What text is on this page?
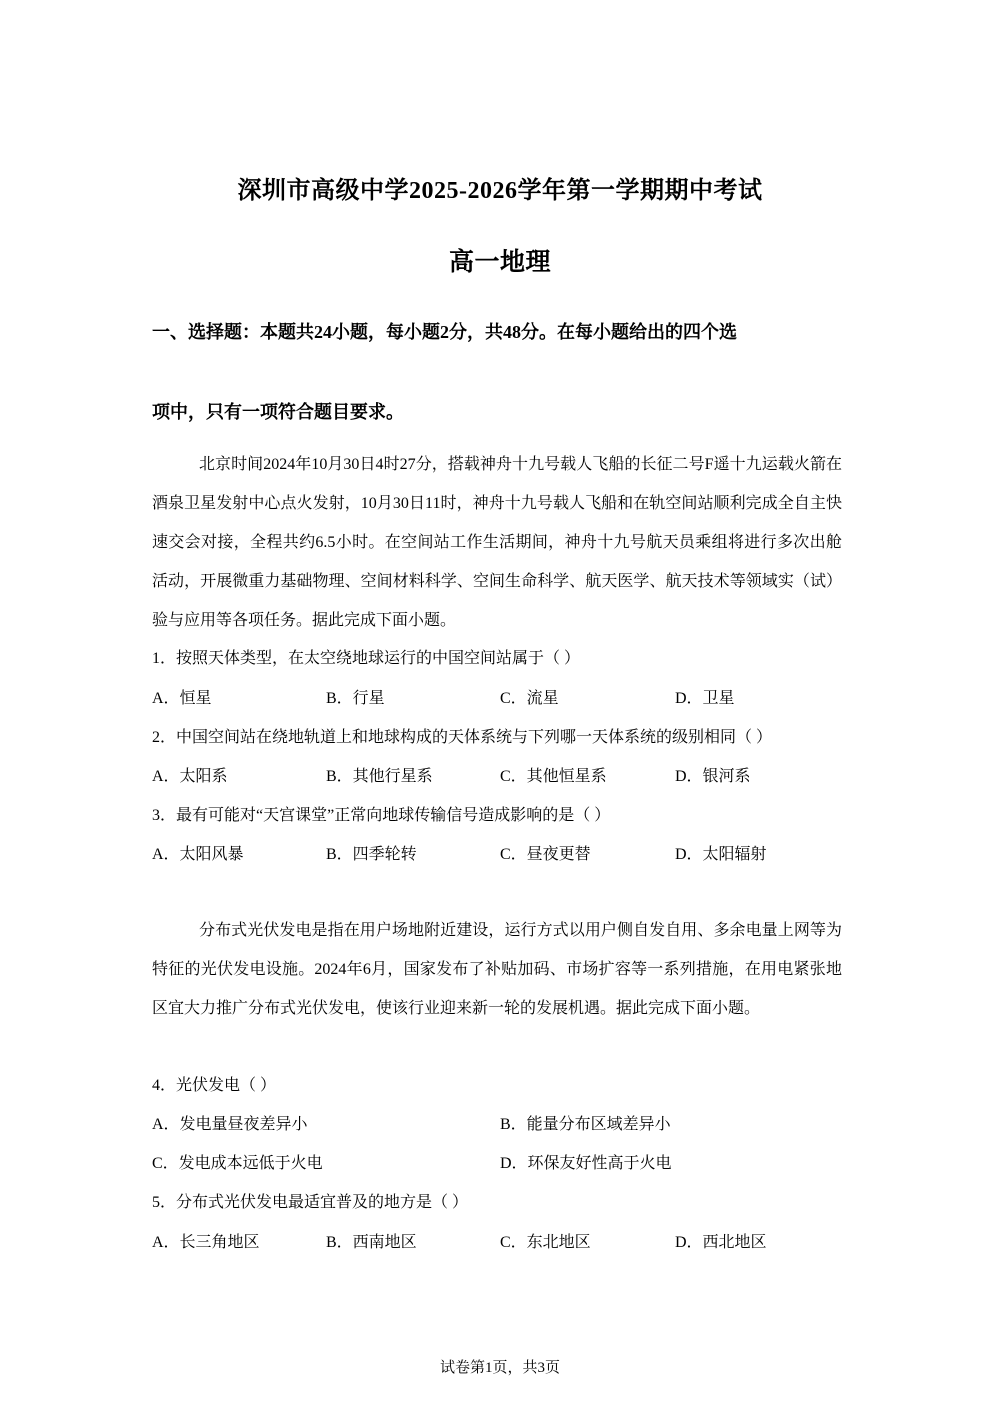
深圳市高级中学2025-2026学年第一学期期中考试
高一地理
一、选择题：本题共24小题，每小题2分，共48分。在每小题给出的四个选
项中，只有一项符合题目要求。
北京时间2024年10月30日4时27分，搭载神舟十九号载人飞船的长征二号F遥十九运载火箭在酒泉卫星发射中心点火发射，10月30日11时，神舟十九号载人飞船和在轨空间站顺利完成全自主快速交会对接，全程共约6.5小时。在空间站工作生活期间，神舟十九号航天员乘组将进行多次出舱活动，开展微重力基础物理、空间材料科学、空间生命科学、航天医学、航天技术等领域实（试）验与应用等各项任务。据此完成下面小题。
1．按照天体类型，在太空绕地球运行的中国空间站属于（ ）
A．恒星	B．行星	C．流星	D．卫星
2．中国空间站在绕地轨道上和地球构成的天体系统与下列哪一天体系统的级别相同（ ）
A．太阳系	B．其他行星系	C．其他恒星系	D．银河系
3．最有可能对“天宫课堂”正常向地球传输信号造成影响的是（ ）
A．太阳风暴	B．四季轮转	C．昼夜更替	D．太阳辐射
分布式光伏发电是指在用户场地附近建设，运行方式以用户侧自发自用、多余电量上网等为特征的光伏发电设施。2024年6月，国家发布了补贴加码、市场扩容等一系列措施，在用电紧张地区宜大力推广分布式光伏发电，使该行业迎来新一轮的发展机遇。据此完成下面小题。
4．光伏发电（ ）
A．发电量昼夜差异小	B．能量分布区域差异小
C．发电成本远低于火电	D．环保友好性高于火电
5．分布式光伏发电最适宜普及的地方是（ ）
A．长三角地区	B．西南地区	C．东北地区	D．西北地区
试卷第1页，共3页
